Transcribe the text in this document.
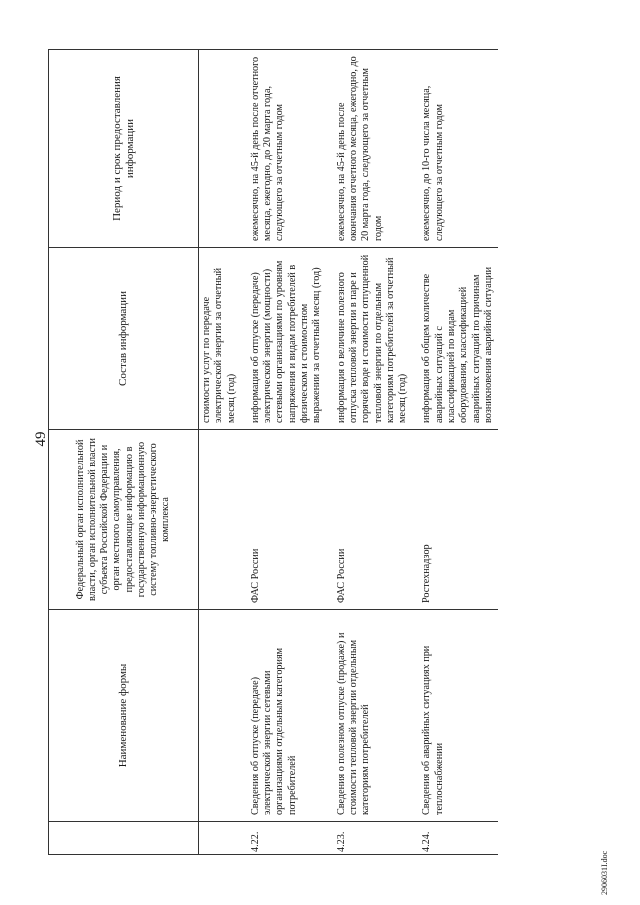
49
	Наименование формы	Федеральный орган исполнительной власти, орган исполнительной власти субъекта Российской Федерации и орган местного самоуправления, предоставляющие информацию в государственную информационную систему топливно-энергетического комплекса	Состав информации	Период и срок предоставления информации
			стоимости услуг по передаче электрической энергии за отчетный месяц (год)	

4.22.	Сведения об отпуске (передаче) электрической энергии сетевыми организациями отдельным категориям потребителей	ФАС России	информация об отпуске (передаче) электрической энергии (мощности) сетевыми организациями по уровням напряжения и видам потребителей в физическом и стоимостном выражении за отчетный месяц (год)	ежемесячно, на 45-й день после отчетного месяца, ежегодно, до 20 марта года, следующего за отчетным годом

4.23.	Сведения о полезном отпуске (продаже) и стоимости тепловой энергии отдельным категориям потребителей	ФАС России	информация о величине полезного отпуска тепловой энергии в паре и горячей воде и стоимости отпущенной тепловой энергии по отдельным категориям потребителей за отчетный месяц (год)	ежемесячно, на 45-й день после окончания отчетного месяца, ежегодно, до 20 марта года, следующего за отчетным годом

4.24.	Сведения об аварийных ситуациях при теплоснабжении	Ростехнадзор	информация об общем количестве аварийных ситуаций с классификацией по видам оборудования, классификацией аварийных ситуаций по причинам возникновения аварийной ситуации	ежемесячно, до 10-го числа месяца, следующего за отчетным годом
2906031I.doc
